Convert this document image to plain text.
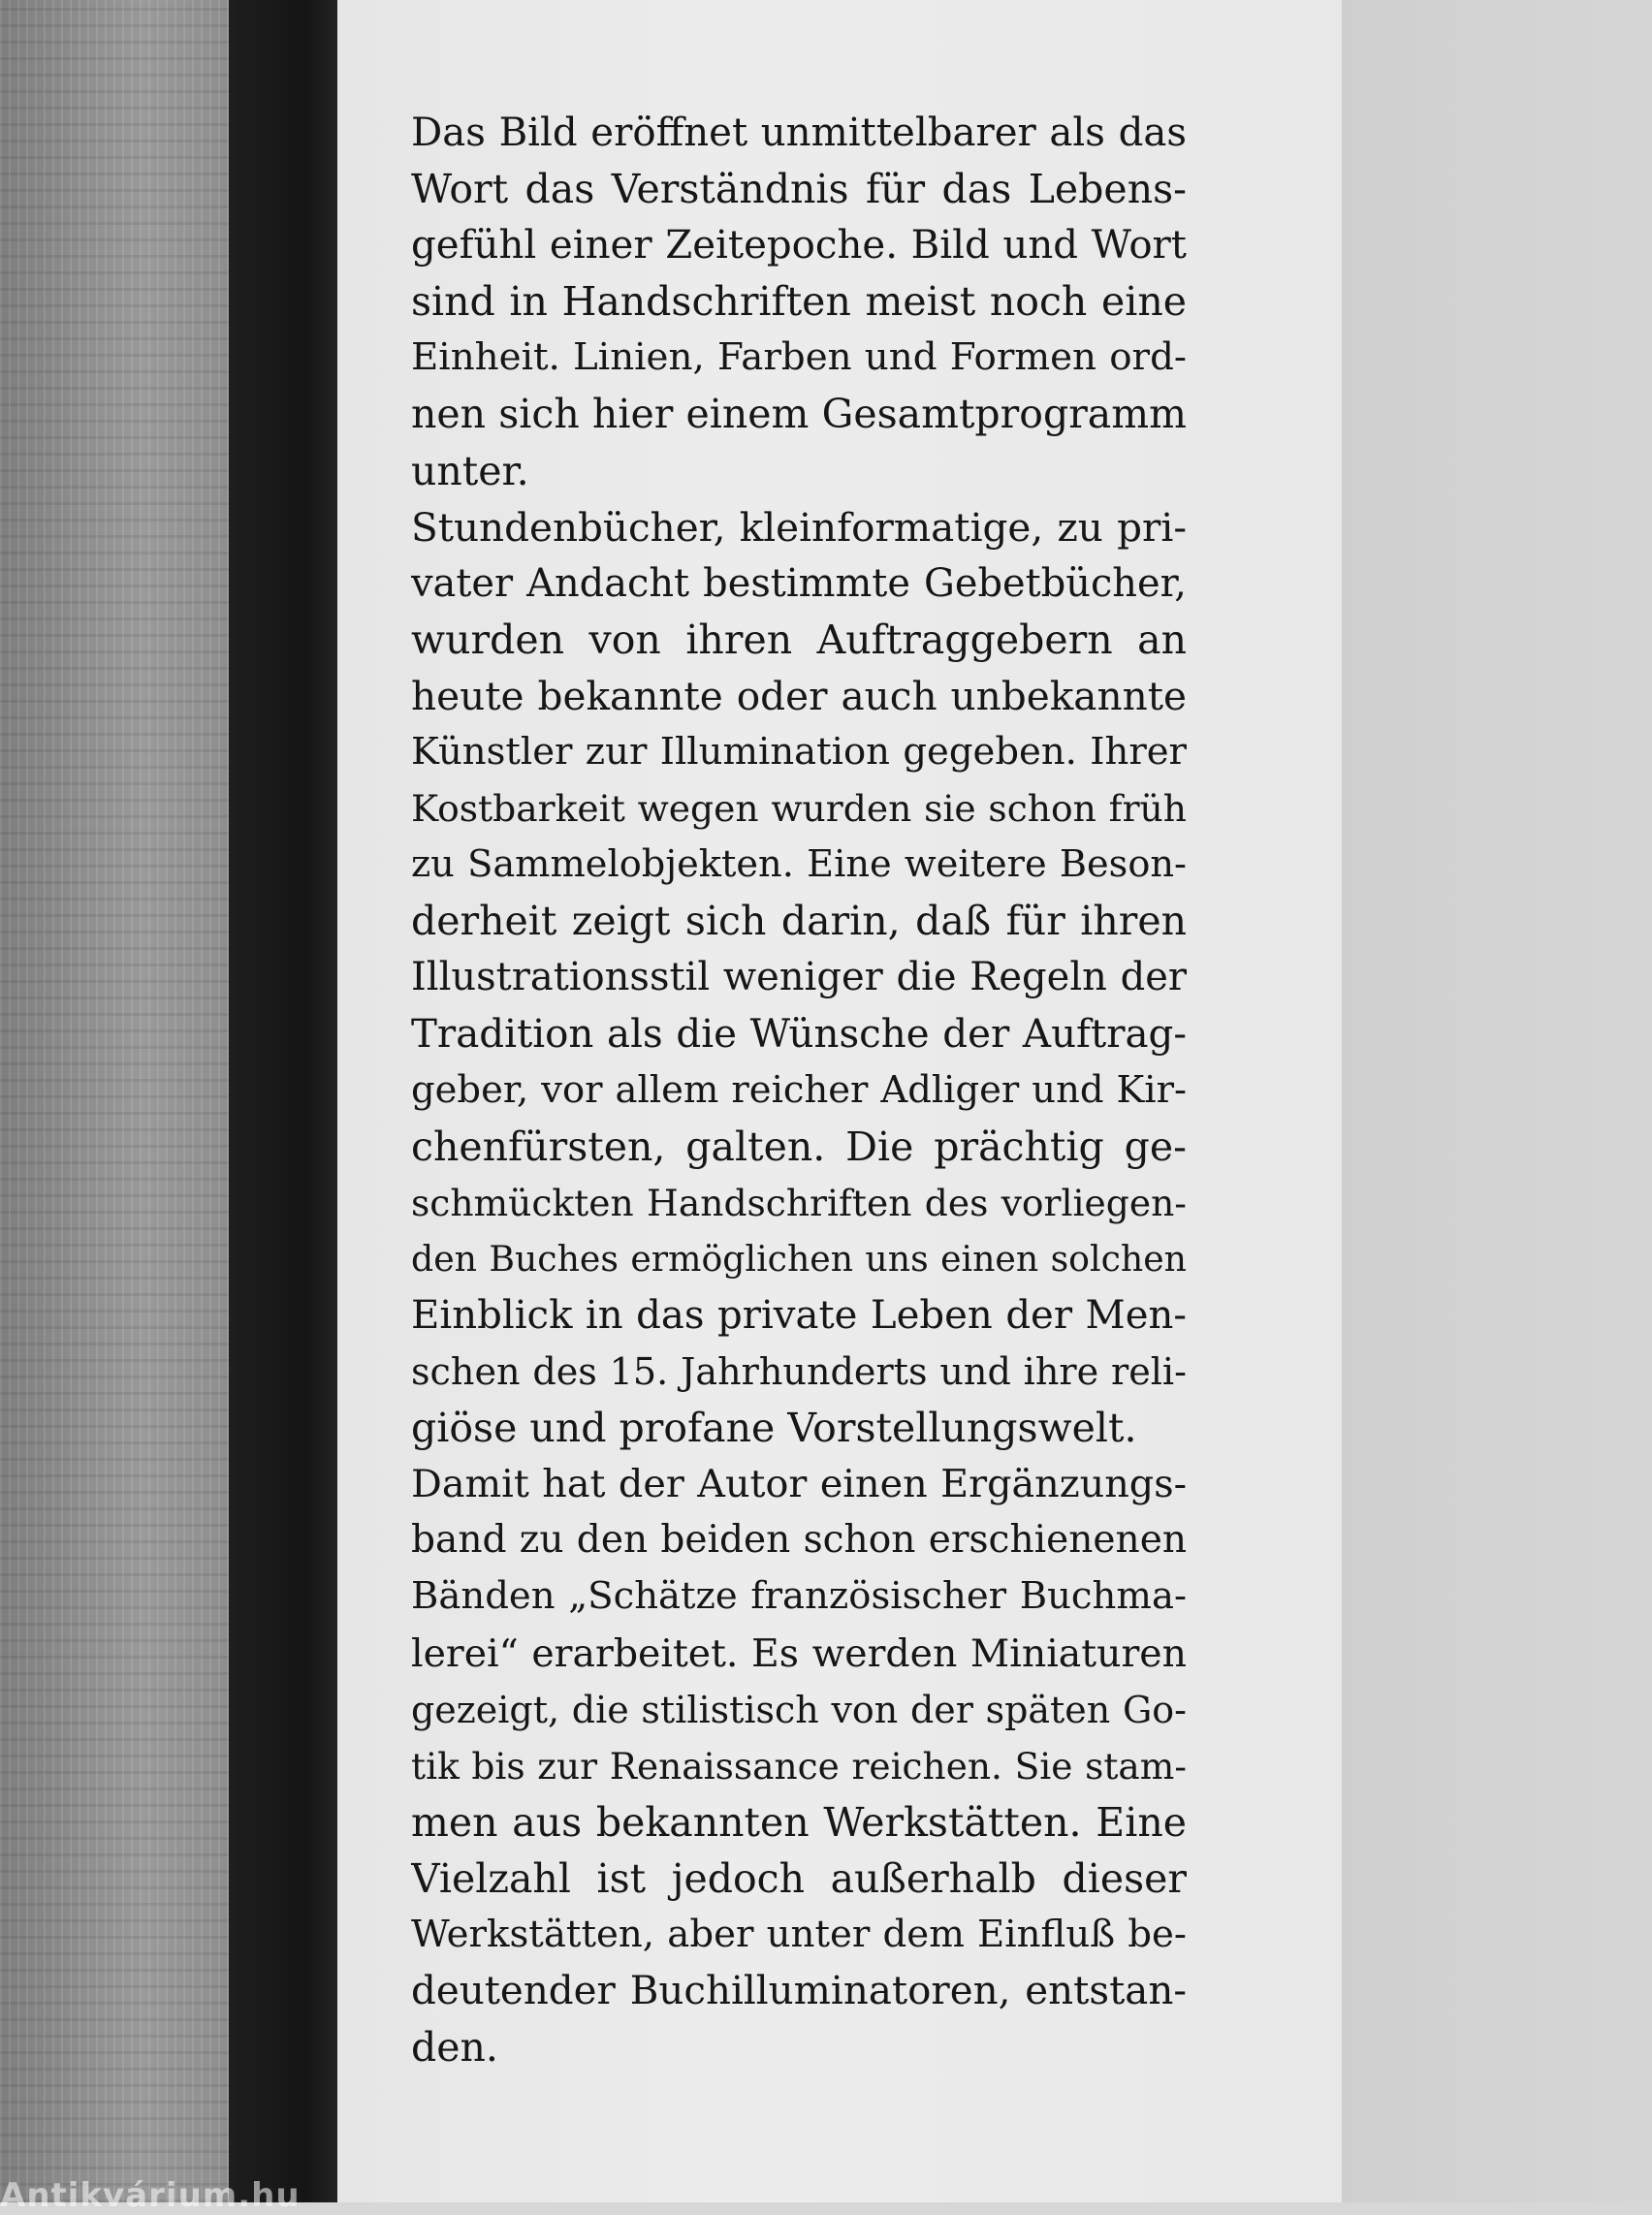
Das Bild eröffnet unmittelbarer als das
Wort das Verständnis für das Lebens-
gefühl einer Zeitepoche. Bild und Wort
sind in Handschriften meist noch eine
Einheit. Linien, Farben und Formen ord-
nen sich hier einem Gesamtprogramm
unter.
Stundenbücher, kleinformatige, zu pri-
vater Andacht bestimmte Gebetbücher,
wurden von ihren Auftraggebern an
heute bekannte oder auch unbekannte
Künstler zur Illumination gegeben. Ihrer
Kostbarkeit wegen wurden sie schon früh
zu Sammelobjekten. Eine weitere Beson-
derheit zeigt sich darin, daß für ihren
Illustrationsstil weniger die Regeln der
Tradition als die Wünsche der Auftrag-
geber, vor allem reicher Adliger und Kir-
chenfürsten, galten. Die prächtig ge-
schmückten Handschriften des vorliegen-
den Buches ermöglichen uns einen solchen
Einblick in das private Leben der Men-
schen des 15. Jahrhunderts und ihre reli-
giöse und profane Vorstellungswelt.
Damit hat der Autor einen Ergänzungs-
band zu den beiden schon erschienenen
Bänden „Schätze französischer Buchma-
lerei“ erarbeitet. Es werden Miniaturen
gezeigt, die stilistisch von der späten Go-
tik bis zur Renaissance reichen. Sie stam-
men aus bekannten Werkstätten. Eine
Vielzahl ist jedoch außerhalb dieser
Werkstätten, aber unter dem Einfluß be-
deutender Buchilluminatoren, entstan-
den.
Antikvárium.hu
